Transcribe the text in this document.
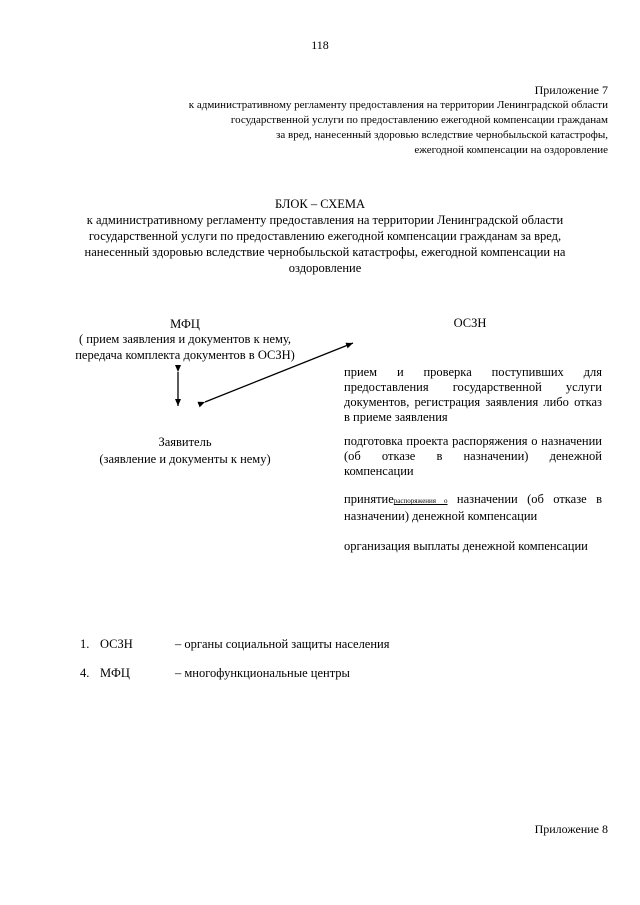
118
Приложение 7
к административному регламенту предоставления на территории Ленинградской области
государственной услуги по предоставлению ежегодной компенсации гражданам
за вред, нанесенный здоровью вследствие чернобыльской катастрофы,
ежегодной компенсации на оздоровление
БЛОК – СХЕМА
к административному регламенту предоставления на территории Ленинградской области государственной услуги по предоставлению ежегодной компенсации гражданам за вред, нанесенный здоровью вследствие чернобыльской катастрофы, ежегодной компенсации на оздоровление
МФЦ
( прием заявления и документов к нему, передача комплекта документов в ОСЗН)
ОСЗН
Заявитель
(заявление и документы к нему)
прием и проверка поступивших для предоставления государственной услуги документов, регистрация заявления либо отказ в приеме заявления
подготовка проекта распоряжения о назначении (об отказе в назначении) денежной компенсации
принятиераспоряжения о назначении (об отказе в назначении) денежной компенсации
организация выплаты денежной компенсации
1. ОСЗН	– органы социальной защиты населения
4. МФЦ	– многофункциональные центры
Приложение 8
